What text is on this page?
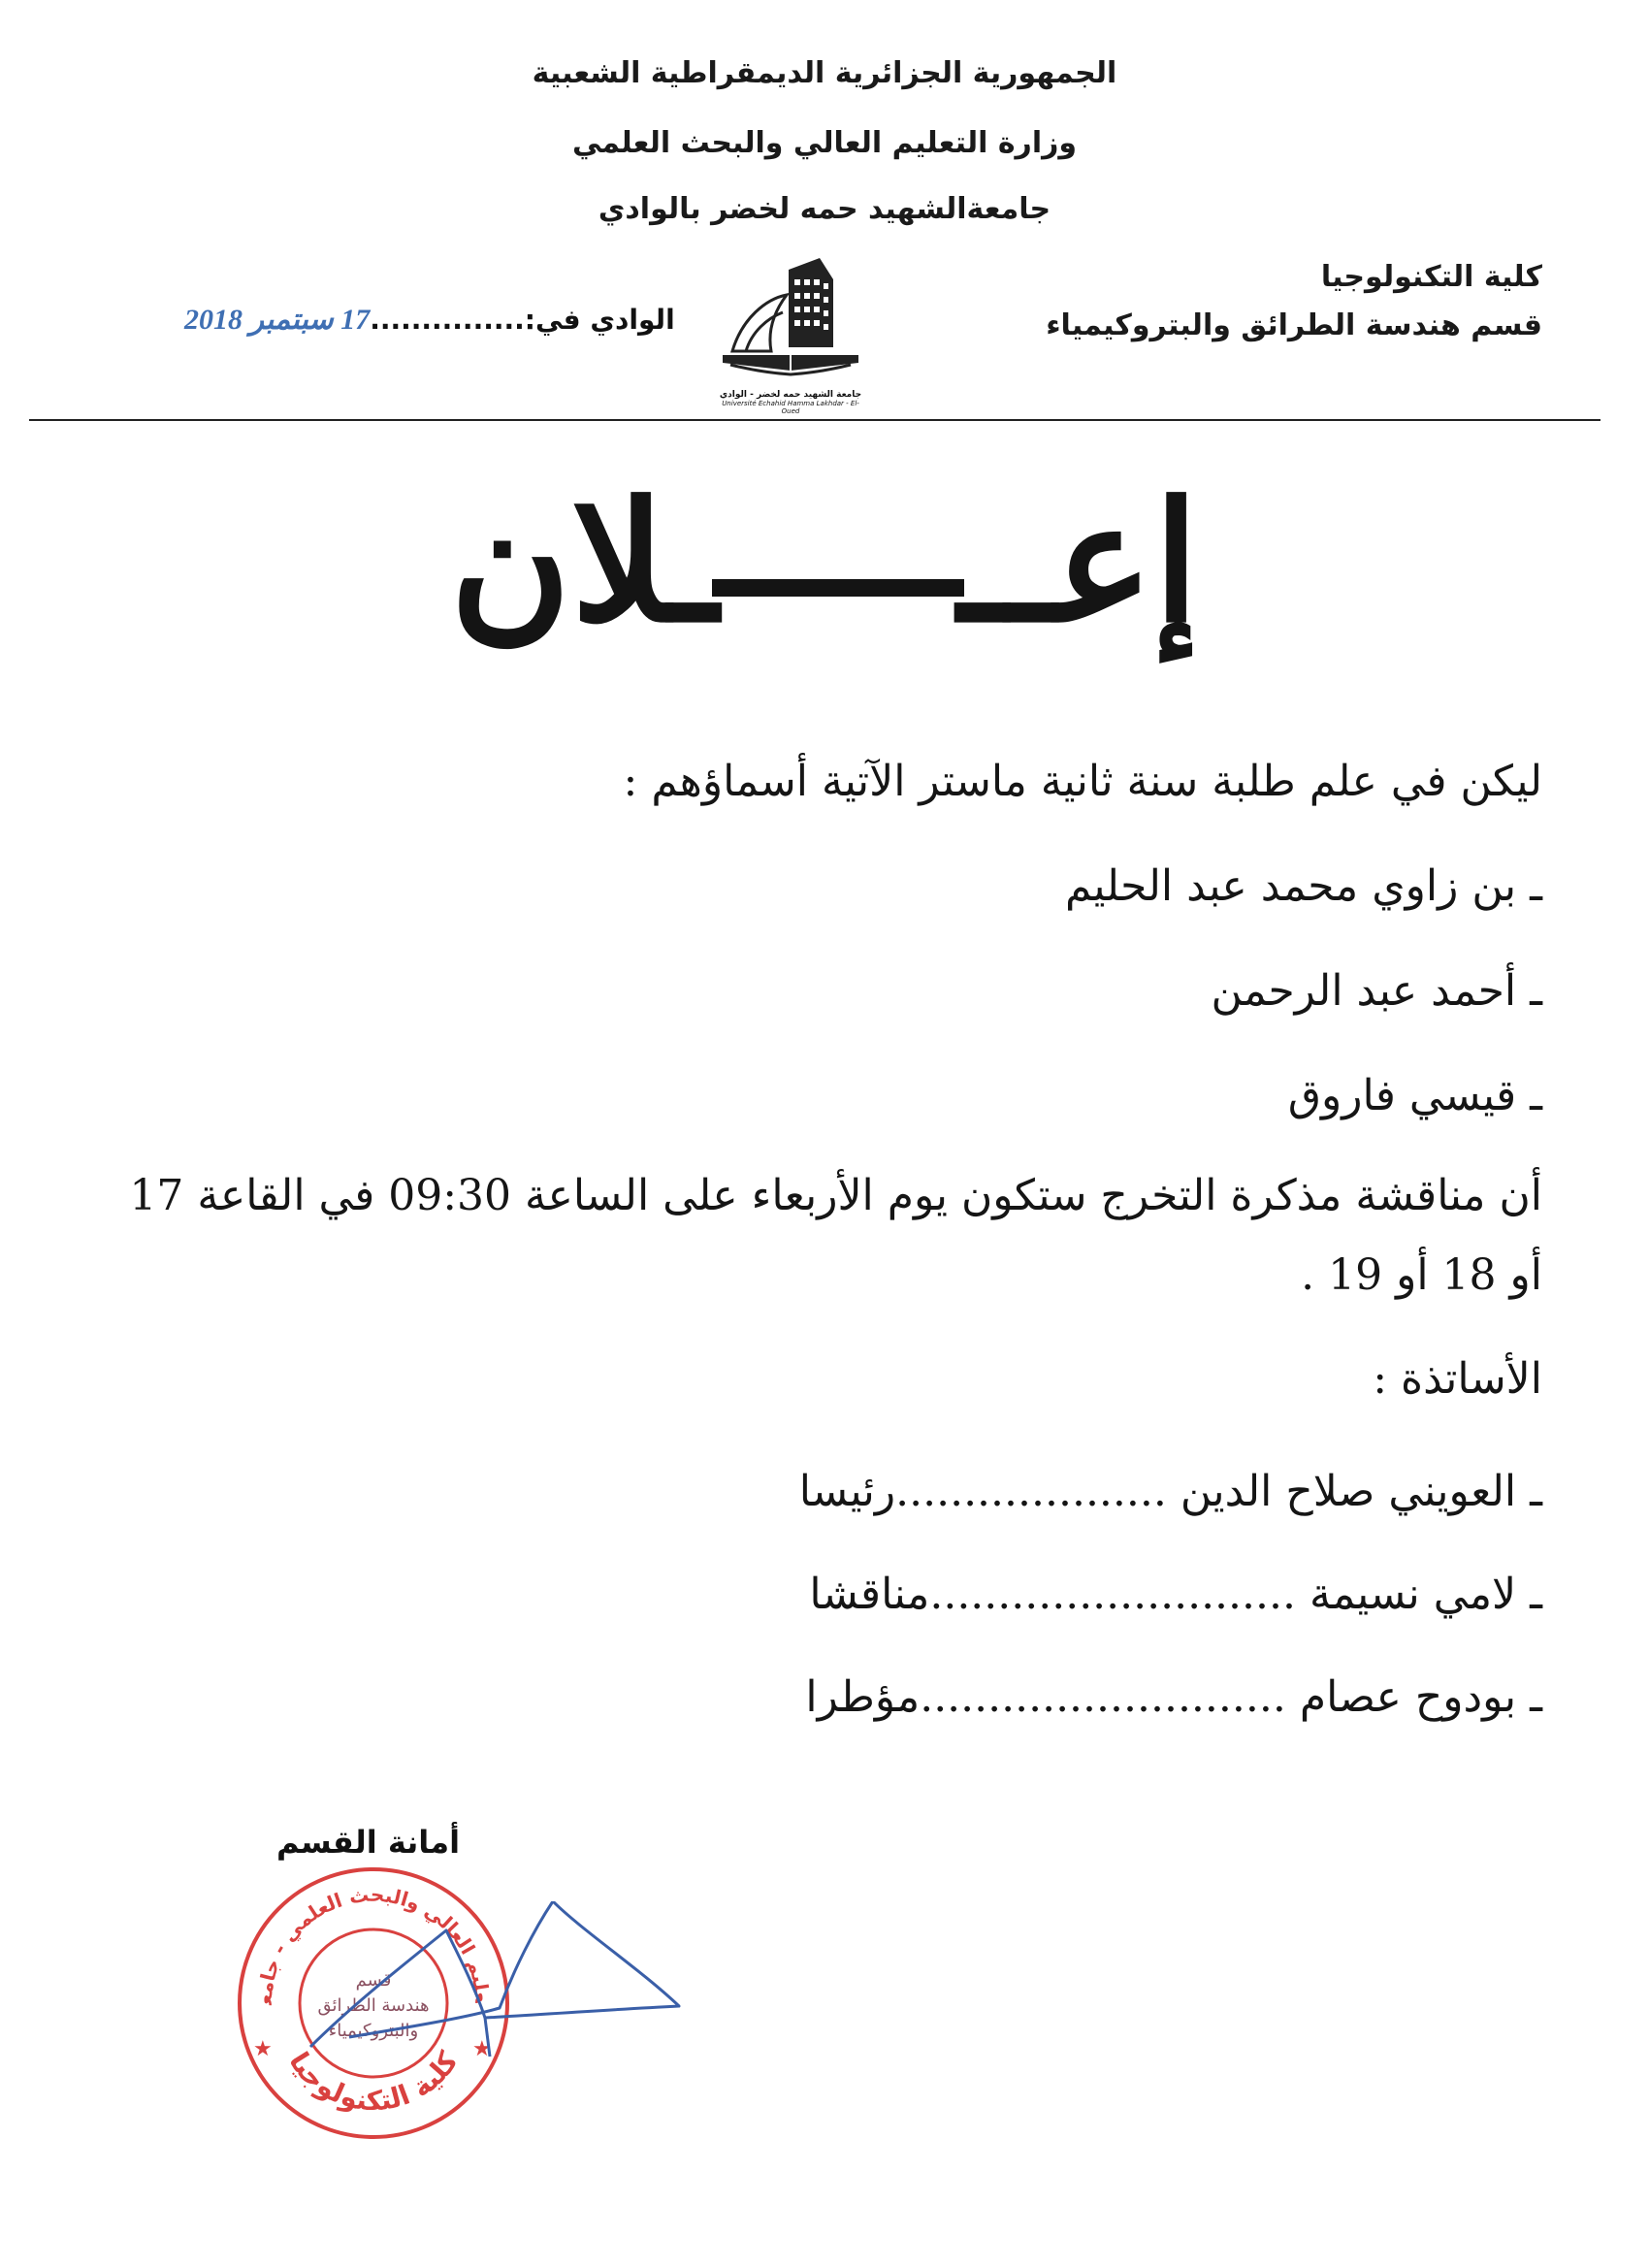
الجمهورية الجزائرية الديمقراطية الشعبية
وزارة التعليم العالي والبحث العلمي
جامعةالشهيد حمه لخضر بالوادي
كلية التكنولوجيا
قسم هندسة الطرائق والبتروكيمياء
الوادي في:...............17 سبتمبر 2018
جامعة الشهيد حمه لخضر - الوادي
Université Echahid Hamma Lakhdar - El-Oued
إعـــلان
ليكن في علم طلبة سنة ثانية ماستر الآتية أسماؤهم :
ـ بن زاوي محمد عبد الحليم
ـ أحمد عبد الرحمن
ـ قيسي فاروق
أن مناقشة مذكرة التخرج ستكون يوم الأربعاء على الساعة 09:30 في القاعة 17 أو 18 أو 19 .
الأساتذة :
ـ العويني صلاح الدين ....................رئيسا
ـ لامي نسيمة ...........................مناقشا
ـ بودوح عصام ...........................مؤطرا
أمانة القسم
عليم العالي والبحث العلمي - جامع
كلية التكنولوجيا
قسم
هندسة الطرائق
والبتروكيمياء
★	★
